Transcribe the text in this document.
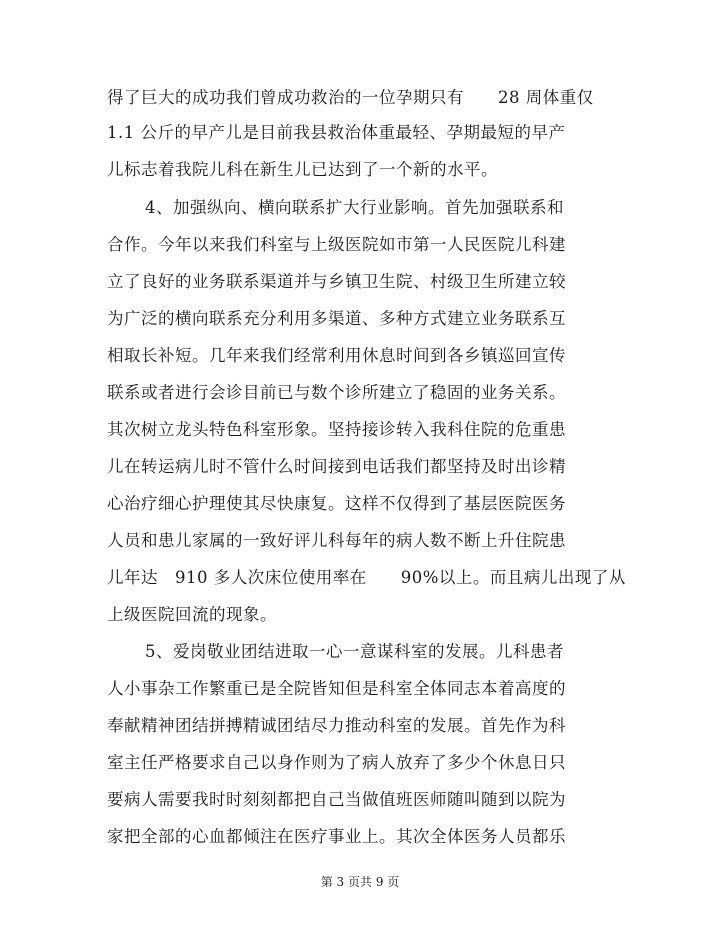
得了巨大的成功我们曾成功救治的一位孕期只有　　28 周体重仅
1.1 公斤的早产儿是目前我县救治体重最轻、孕期最短的早产
儿标志着我院儿科在新生儿已达到了一个新的水平。
4、加强纵向、横向联系扩大行业影响。首先加强联系和
合作。今年以来我们科室与上级医院如市第一人民医院儿科建
立了良好的业务联系渠道并与乡镇卫生院、村级卫生所建立较
为广泛的横向联系充分利用多渠道、多种方式建立业务联系互
相取长补短。几年来我们经常利用休息时间到各乡镇巡回宣传
联系或者进行会诊目前已与数个诊所建立了稳固的业务关系。
其次树立龙头特色科室形象。坚持接诊转入我科住院的危重患
儿在转运病儿时不管什么时间接到电话我们都坚持及时出诊精
心治疗细心护理使其尽快康复。这样不仅得到了基层医院医务
人员和患儿家属的一致好评儿科每年的病人数不断上升住院患
儿年达　910 多人次床位使用率在　　90%以上。而且病儿出现了从
上级医院回流的现象。
5、爱岗敬业团结进取一心一意谋科室的发展。儿科患者
人小事杂工作繁重已是全院皆知但是科室全体同志本着高度的
奉献精神团结拼搏精诚团结尽力推动科室的发展。首先作为科
室主任严格要求自己以身作则为了病人放弃了多少个休息日只
要病人需要我时时刻刻都把自己当做值班医师随叫随到以院为
家把全部的心血都倾注在医疗事业上。其次全体医务人员都乐
第 3 页共 9 页
